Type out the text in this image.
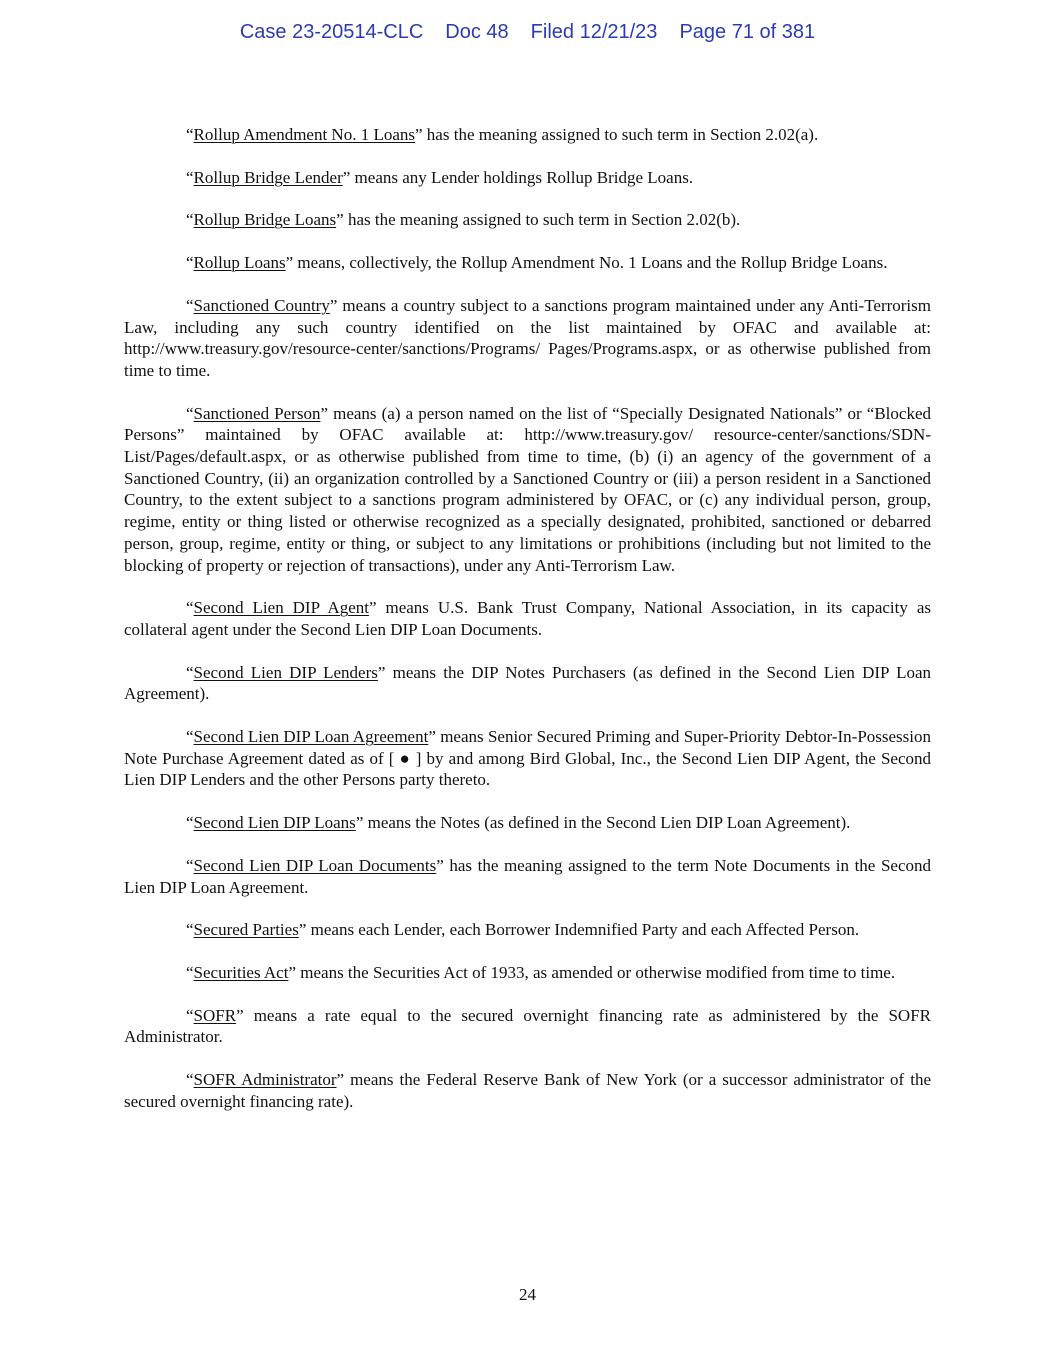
Case 23-20514-CLC Doc 48 Filed 12/21/23 Page 71 of 381

“Rollup Amendment No. 1 Loans” has the meaning assigned to such term in Section 2.02(a).

“Rollup Bridge Lender” means any Lender holdings Rollup Bridge Loans.

“Rollup Bridge Loans” has the meaning assigned to such term in Section 2.02(b).

“Rollup Loans” means, collectively, the Rollup Amendment No. 1 Loans and the Rollup Bridge Loans.

“Sanctioned Country” means a country subject to a sanctions program maintained under any Anti-Terrorism Law, including any such country identified on the list maintained by OFAC and available at: http://www.treasury.gov/resource-center/sanctions/Programs/ Pages/Programs.aspx, or as otherwise published from time to time.

“Sanctioned Person” means (a) a person named on the list of “Specially Designated Nationals” or “Blocked Persons” maintained by OFAC available at: http://www.treasury.gov/ resource-center/sanctions/SDN-List/Pages/default.aspx, or as otherwise published from time to time, (b) (i) an agency of the government of a Sanctioned Country, (ii) an organization controlled by a Sanctioned Country or (iii) a person resident in a Sanctioned Country, to the extent subject to a sanctions program administered by OFAC, or (c) any individual person, group, regime, entity or thing listed or otherwise recognized as a specially designated, prohibited, sanctioned or debarred person, group, regime, entity or thing, or subject to any limitations or prohibitions (including but not limited to the blocking of property or rejection of transactions), under any Anti-Terrorism Law.

“Second Lien DIP Agent” means U.S. Bank Trust Company, National Association, in its capacity as collateral agent under the Second Lien DIP Loan Documents.

“Second Lien DIP Lenders” means the DIP Notes Purchasers (as defined in the Second Lien DIP Loan Agreement).

“Second Lien DIP Loan Agreement” means Senior Secured Priming and Super-Priority Debtor-In-Possession Note Purchase Agreement dated as of [ ● ] by and among Bird Global, Inc., the Second Lien DIP Agent, the Second Lien DIP Lenders and the other Persons party thereto.

“Second Lien DIP Loans” means the Notes (as defined in the Second Lien DIP Loan Agreement).

“Second Lien DIP Loan Documents” has the meaning assigned to the term Note Documents in the Second Lien DIP Loan Agreement.

“Secured Parties” means each Lender, each Borrower Indemnified Party and each Affected Person.

“Securities Act” means the Securities Act of 1933, as amended or otherwise modified from time to time.

“SOFR” means a rate equal to the secured overnight financing rate as administered by the SOFR Administrator.

“SOFR Administrator” means the Federal Reserve Bank of New York (or a successor administrator of the secured overnight financing rate).

24
